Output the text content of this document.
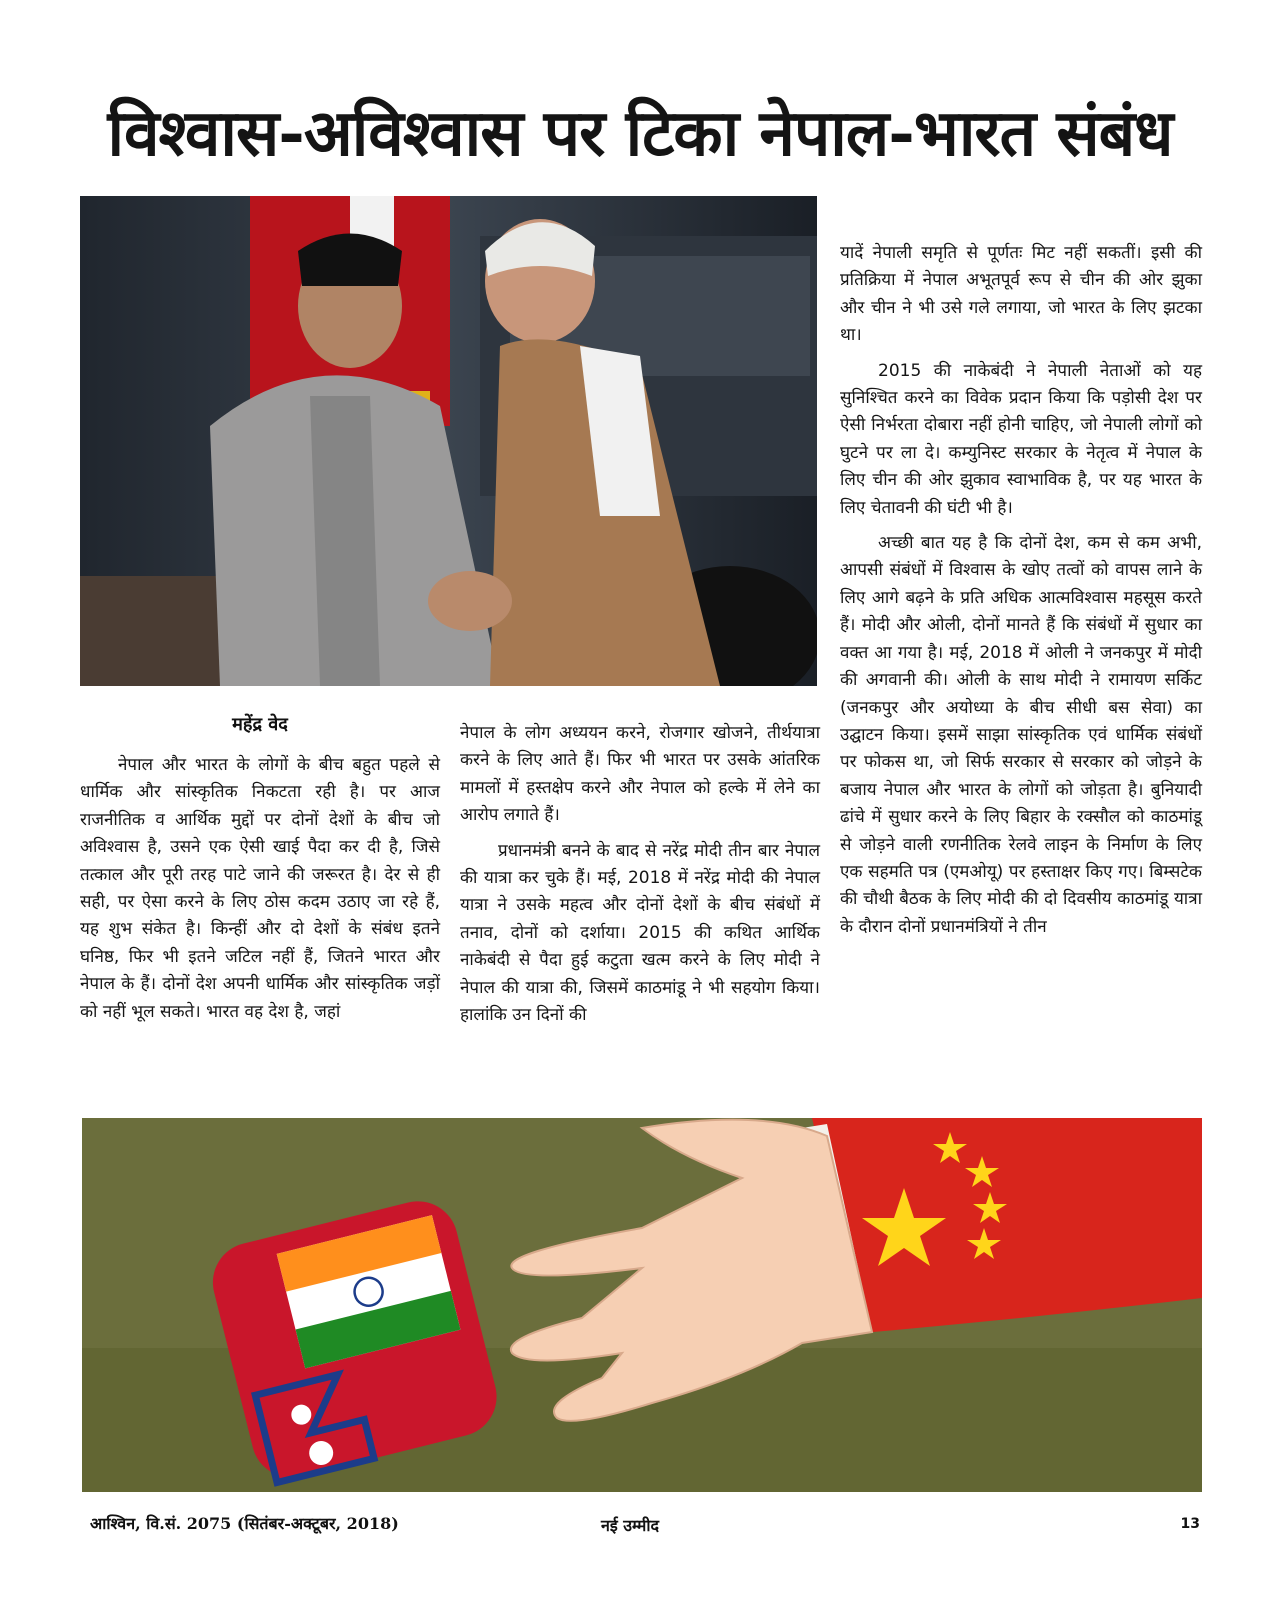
विश्वास-अविश्वास पर टिका नेपाल-भारत संबंध
महेंद्र वेद

नेपाल और भारत के लोगों के बीच बहुत पहले से धार्मिक और सांस्कृतिक निकटता रही है। पर आज राजनीतिक व आर्थिक मुद्दों पर दोनों देशों के बीच जो अविश्वास है, उसने एक ऐसी खाई पैदा कर दी है, जिसे तत्काल और पूरी तरह पाटे जाने की जरूरत है। देर से ही सही, पर ऐसा करने के लिए ठोस कदम उठाए जा रहे हैं, यह शुभ संकेत है। किन्हीं और दो देशों के संबंध इतने घनिष्ठ, फिर भी इतने जटिल नहीं हैं, जितने भारत और नेपाल के हैं। दोनों देश अपनी धार्मिक और सांस्कृतिक जड़ों को नहीं भूल सकते। भारत वह देश है, जहां

नेपाल के लोग अध्ययन करने, रोजगार खोजने, तीर्थयात्रा करने के लिए आते हैं। फिर भी भारत पर उसके आंतरिक मामलों में हस्तक्षेप करने और नेपाल को हल्के में लेने का आरोप लगाते हैं।

प्रधानमंत्री बनने के बाद से नरेंद्र मोदी तीन बार नेपाल की यात्रा कर चुके हैं। मई, 2018 में नरेंद्र मोदी की नेपाल यात्रा ने उसके महत्व और दोनों देशों के बीच संबंधों में तनाव, दोनों को दर्शाया। 2015 की कथित आर्थिक नाकेबंदी से पैदा हुई कटुता खत्म करने के लिए मोदी ने नेपाल की यात्रा की, जिसमें काठमांडू ने भी सहयोग किया। हालांकि उन दिनों की

यादें नेपाली समृति से पूर्णतः मिट नहीं सकतीं। इसी की प्रतिक्रिया में नेपाल अभूतपूर्व रूप से चीन की ओर झुका और चीन ने भी उसे गले लगाया, जो भारत के लिए झटका था।

2015 की नाकेबंदी ने नेपाली नेताओं को यह सुनिश्चित करने का विवेक प्रदान किया कि पड़ोसी देश पर ऐसी निर्भरता दोबारा नहीं होनी चाहिए, जो नेपाली लोगों को घुटने पर ला दे। कम्युनिस्ट सरकार के नेतृत्व में नेपाल के लिए चीन की ओर झुकाव स्वाभाविक है, पर यह भारत के लिए चेतावनी की घंटी भी है।

अच्छी बात यह है कि दोनों देश, कम से कम अभी, आपसी संबंधों में विश्वास के खोए तत्वों को वापस लाने के लिए आगे बढ़ने के प्रति अधिक आत्मविश्वास महसूस करते हैं। मोदी और ओली, दोनों मानते हैं कि संबंधों में सुधार का वक्त आ गया है। मई, 2018 में ओली ने जनकपुर में मोदी की अगवानी की। ओली के साथ मोदी ने रामायण सर्किट (जनकपुर और अयोध्या के बीच सीधी बस सेवा) का उद्घाटन किया। इसमें साझा सांस्कृतिक एवं धार्मिक संबंधों पर फोकस था, जो सिर्फ सरकार से सरकार को जोड़ने के बजाय नेपाल और भारत के लोगों को जोड़ता है। बुनियादी ढांचे में सुधार करने के लिए बिहार के रक्सौल को काठमांडू से जोड़ने वाली रणनीतिक रेलवे लाइन के निर्माण के लिए एक सहमति पत्र (एमओयू) पर हस्ताक्षर किए गए। बिम्सटेक की चौथी बैठक के लिए मोदी की दो दिवसीय काठमांडू यात्रा के दौरान दोनों प्रधानमंत्रियों ने तीन

आश्विन, वि.सं. 2075 (सितंबर-अक्टूबर, 2018)	नई उम्मीद	13
